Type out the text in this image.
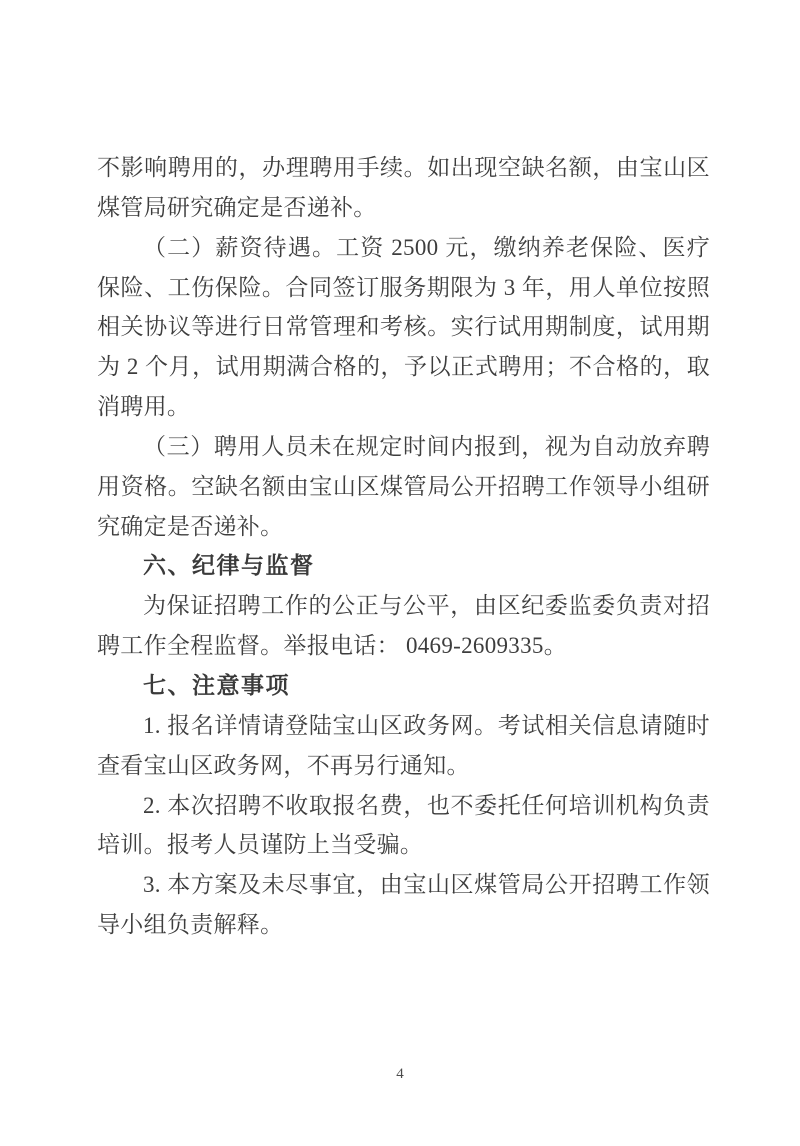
不影响聘用的，办理聘用手续。如出现空缺名额，由宝山区煤管局研究确定是否递补。

（二）薪资待遇。工资 2500 元，缴纳养老保险、医疗保险、工伤保险。合同签订服务期限为 3 年，用人单位按照相关协议等进行日常管理和考核。实行试用期制度，试用期为 2 个月，试用期满合格的，予以正式聘用；不合格的，取消聘用。

（三）聘用人员未在规定时间内报到，视为自动放弃聘用资格。空缺名额由宝山区煤管局公开招聘工作领导小组研究确定是否递补。

六、纪律与监督

为保证招聘工作的公正与公平，由区纪委监委负责对招聘工作全程监督。举报电话： 0469-2609335。

七、注意事项

1. 报名详情请登陆宝山区政务网。考试相关信息请随时查看宝山区政务网，不再另行通知。

2. 本次招聘不收取报名费，也不委托任何培训机构负责培训。报考人员谨防上当受骗。

3. 本方案及未尽事宜，由宝山区煤管局公开招聘工作领导小组负责解释。

4
